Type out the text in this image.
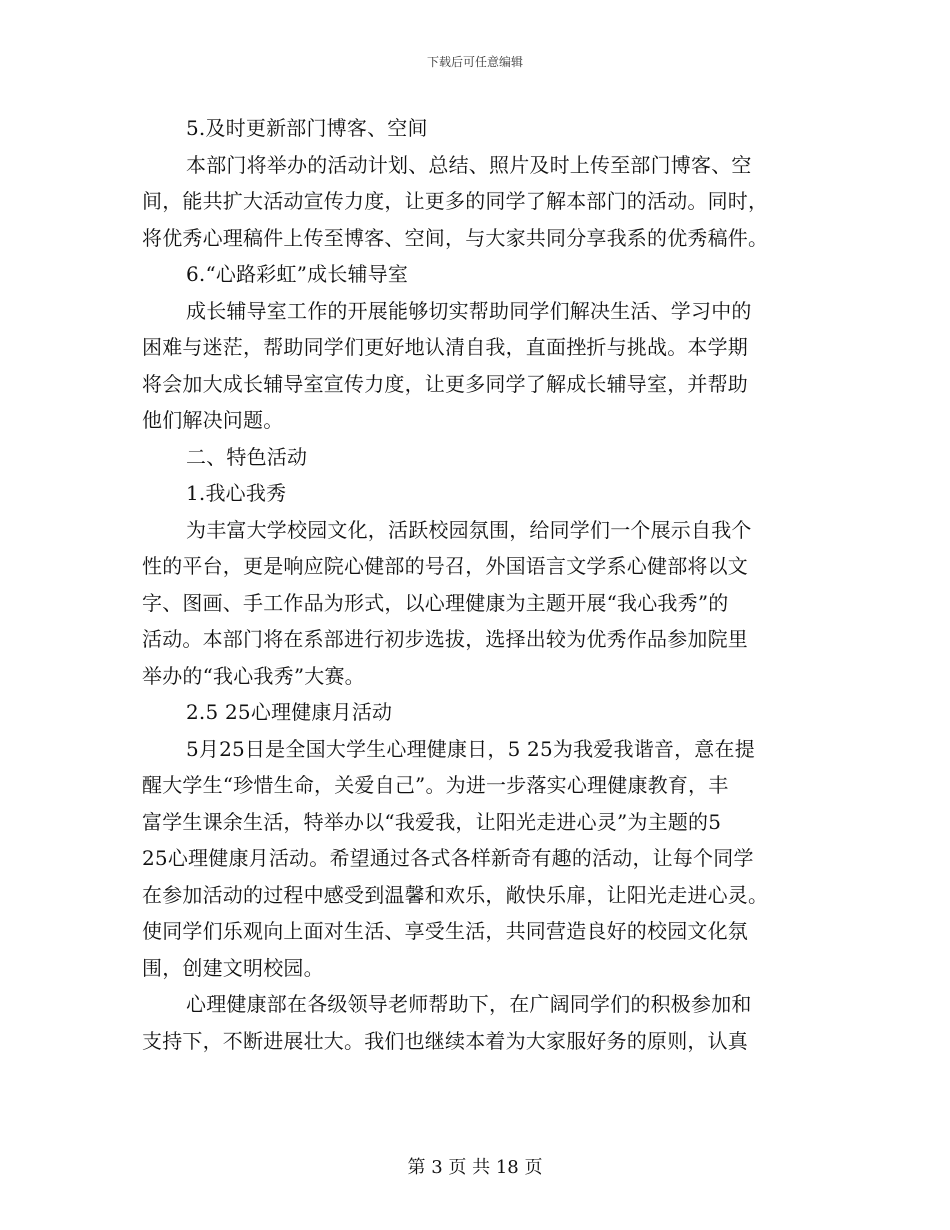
下载后可任意编辑
5.及时更新部门博客、空间
本部门将举办的活动计划、总结、照片及时上传至部门博客、空
间，能共扩大活动宣传力度，让更多的同学了解本部门的活动。同时，
将优秀心理稿件上传至博客、空间，与大家共同分享我系的优秀稿件。
6.“心路彩虹”成长辅导室
成长辅导室工作的开展能够切实帮助同学们解决生活、学习中的
困难与迷茫，帮助同学们更好地认清自我，直面挫折与挑战。本学期
将会加大成长辅导室宣传力度，让更多同学了解成长辅导室，并帮助
他们解决问题。
二、特色活动
1.我心我秀
为丰富大学校园文化，活跃校园氛围，给同学们一个展示自我个
性的平台，更是响应院心健部的号召，外国语言文学系心健部将以文
字、图画、手工作品为形式，以心理健康为主题开展“我心我秀”的
活动。本部门将在系部进行初步选拔，选择出较为优秀作品参加院里
举办的“我心我秀”大赛。
2.5 25心理健康月活动
5月25日是全国大学生心理健康日，5 25为我爱我谐音，意在提
醒大学生“珍惜生命，关爱自己”。为进一步落实心理健康教育，丰
富学生课余生活，特举办以“我爱我，让阳光走进心灵”为主题的5
25心理健康月活动。希望通过各式各样新奇有趣的活动，让每个同学
在参加活动的过程中感受到温馨和欢乐，敞快乐扉，让阳光走进心灵。
使同学们乐观向上面对生活、享受生活，共同营造良好的校园文化氛
围，创建文明校园。
心理健康部在各级领导老师帮助下，在广阔同学们的积极参加和
支持下，不断进展壮大。我们也继续本着为大家服好务的原则，认真
第 3 页 共 18 页
